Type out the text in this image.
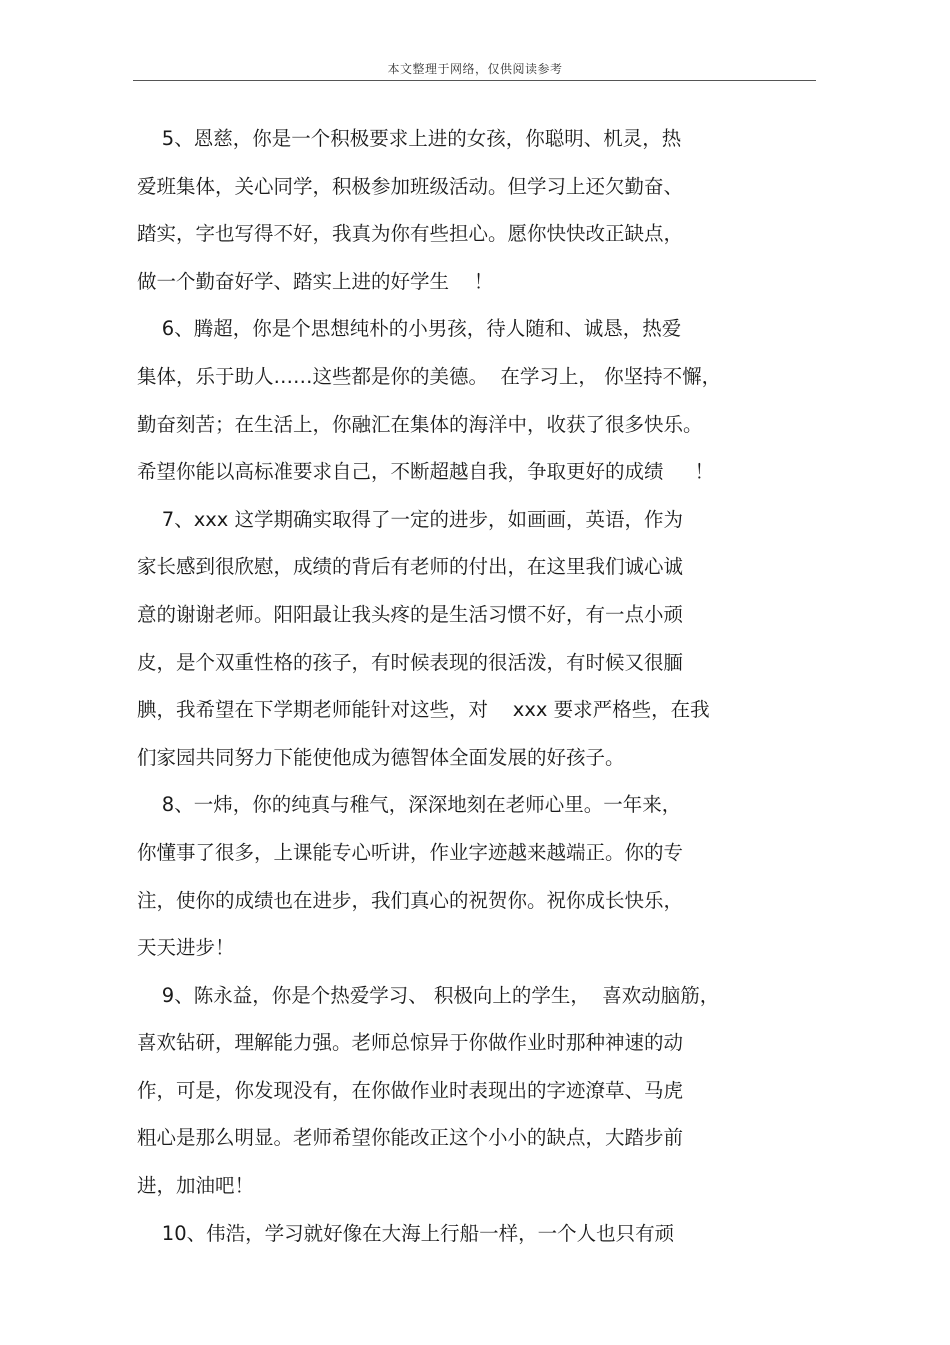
本文整理于网络，仅供阅读参考
5、恩慈，你是一个积极要求上进的女孩，你聪明、机灵，热
爱班集体，关心同学，积极参加班级活动。但学习上还欠勤奋、
踏实，字也写得不好，我真为你有些担心。愿你快快改正缺点，
做一个勤奋好学、踏实上进的好学生    ！
6、腾超，你是个思想纯朴的小男孩，待人随和、诚恳，热爱
集体，乐于助人……这些都是你的美德。  在学习上， 你坚持不懈，
勤奋刻苦；在生活上，你融汇在集体的海洋中，收获了很多快乐。
希望你能以高标准要求自己，不断超越自我，争取更好的成绩     ！
7、xxx 这学期确实取得了一定的进步，如画画，英语，作为
家长感到很欣慰，成绩的背后有老师的付出，在这里我们诚心诚
意的谢谢老师。阳阳最让我头疼的是生活习惯不好，有一点小顽
皮，是个双重性格的孩子，有时候表现的很活泼，有时候又很腼
腆，我希望在下学期老师能针对这些，对    xxx 要求严格些，在我
们家园共同努力下能使他成为德智体全面发展的好孩子。
8、一炜，你的纯真与稚气，深深地刻在老师心里。一年来，
你懂事了很多，上课能专心听讲，作业字迹越来越端正。你的专
注，使你的成绩也在进步，我们真心的祝贺你。祝你成长快乐，
天天进步！
9、陈永益，你是个热爱学习、 积极向上的学生，  喜欢动脑筋，
喜欢钻研，理解能力强。老师总惊异于你做作业时那种神速的动
作，可是，你发现没有，在你做作业时表现出的字迹潦草、马虎
粗心是那么明显。老师希望你能改正这个小小的缺点，大踏步前
进，加油吧！
10、伟浩，学习就好像在大海上行船一样，一个人也只有顽
